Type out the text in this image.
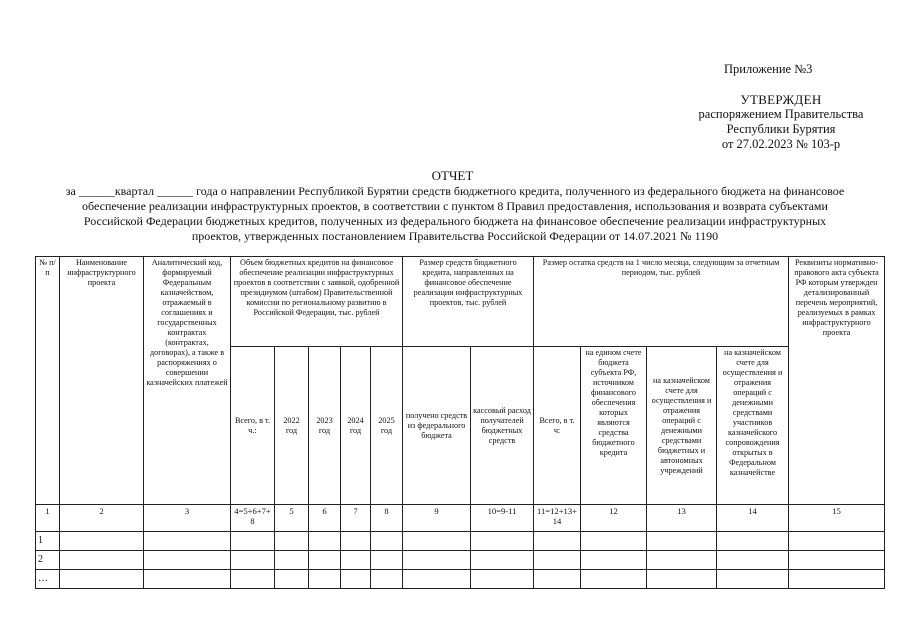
Приложение №3
УТВЕРЖДЕН
распоряжением Правительства
Республики Бурятия
от 27.02.2023 № 103-р
ОТЧЕТ
за ______квартал ______ года о направлении Республикой Бурятии средств бюджетного кредита, полученного из федерального бюджета на финансовое обеспечение реализации инфраструктурных проектов, в соответствии с пунктом 8 Правил предоставления, использования и возврата субъектами Российской Федерации бюджетных кредитов, полученных из федерального бюджета на финансовое обеспечение реализации инфраструктурных проектов, утвержденных постановлением Правительства Российской Федерации от 14.07.2021 № 1190
№ п/п	Наименование инфраструктурного проекта	Аналитический код, формируемый Федеральным казначейством, отражаемый в соглашениях и государственных контрактах (контрактах, договорах), а также в распоряжениях о совершении казначейских платежей	Объем бюджетных кредитов на финансовое обеспечение реализации инфраструктурных проектов в соответствии с заявкой, одобренной президиумом (штабом) Правительственной комиссии по региональному развитию в Российской Федерации, тыс. рублей					Размер средств бюджетного кредита, направленных на финансовое обеспечение реализации инфраструктурных проектов, тыс. рублей		Размер остатка средств на 1 число месяца, следующим за отчетным периодом, тыс. рублей				Реквизиты нормативно-правового акта субъекта РФ которым утвержден детализированный перечень мероприятий, реализуемых в рамках инфраструктурного проекта
			Всего, в т. ч.:	2022 год	2023 год	2024 год	2025 год	получено средств из федерального бюджета	кассовый расход получателей бюджетных средств	Всего, в т. ч:	на едином счете бюджета субъекта РФ, источником финансового обеспечения которых являются средства бюджетного кредита	на казначейском счете для осуществления и отражения операций с денежными средствами бюджетных и автономных учреждений	на казначейском счете для осуществления и отражения операций с денежными средствами участников казначейского сопровождения открытых в Федеральном казначействе	
1	2	3	4=5+6+7+8	5	6	7	8	9	10=9-11	11=12+13+14	12	13	14	15
1														
2														
…														
